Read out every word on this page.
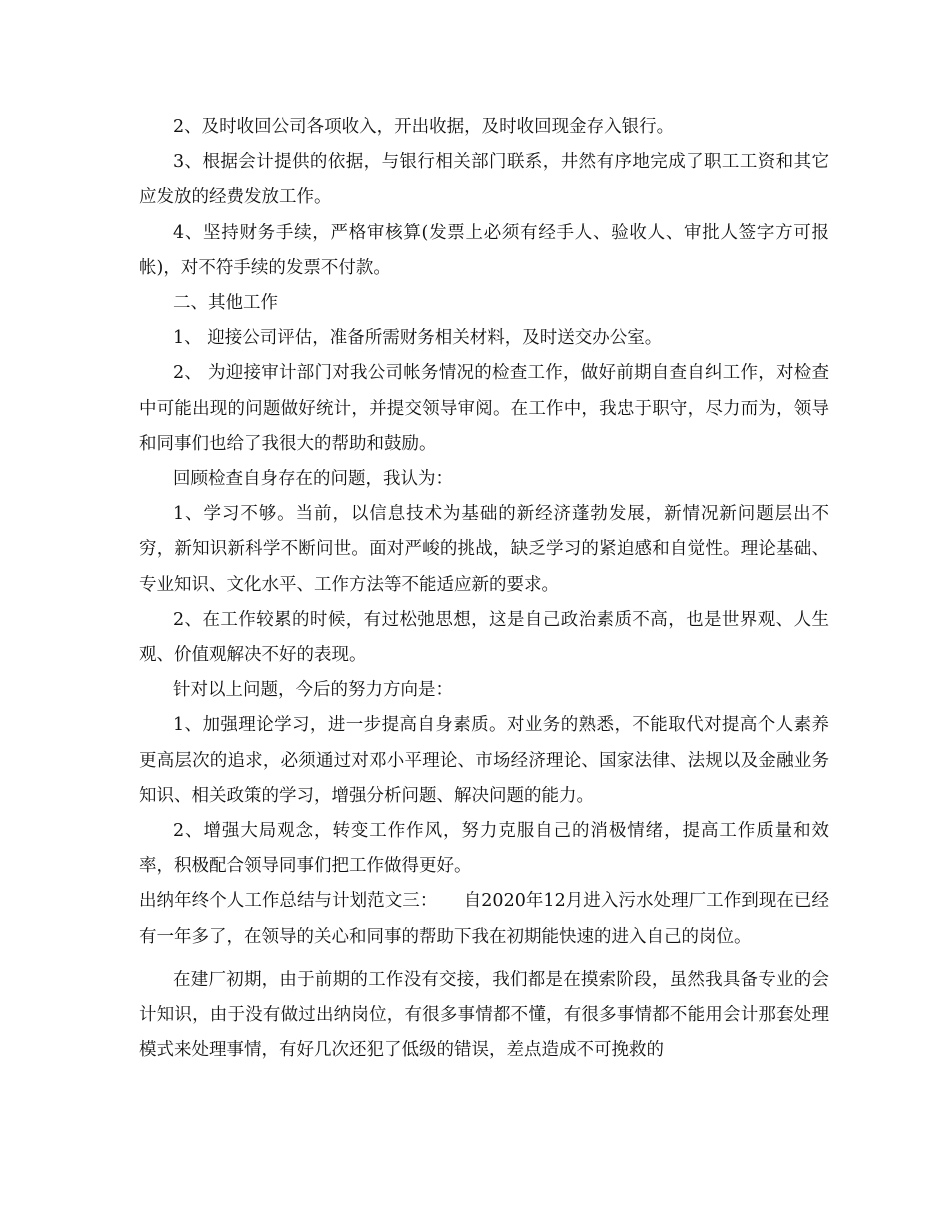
2、及时收回公司各项收入，开出收据，及时收回现金存入银行。

3、根据会计提供的依据，与银行相关部门联系，井然有序地完成了职工工资和其它应发放的经费发放工作。

4、坚持财务手续，严格审核算(发票上必须有经手人、验收人、审批人签字方可报帐)，对不符手续的发票不付款。

二、其他工作

1、 迎接公司评估，准备所需财务相关材料，及时送交办公室。

2、 为迎接审计部门对我公司帐务情况的检查工作，做好前期自查自纠工作，对检查中可能出现的问题做好统计，并提交领导审阅。在工作中，我忠于职守，尽力而为，领导和同事们也给了我很大的帮助和鼓励。

回顾检查自身存在的问题，我认为：

1、学习不够。当前，以信息技术为基础的新经济蓬勃发展，新情况新问题层出不穷，新知识新科学不断问世。面对严峻的挑战，缺乏学习的紧迫感和自觉性。理论基础、专业知识、文化水平、工作方法等不能适应新的要求。

2、在工作较累的时候，有过松弛思想，这是自己政治素质不高，也是世界观、人生观、价值观解决不好的表现。

针对以上问题，今后的努力方向是：

1、加强理论学习，进一步提高自身素质。对业务的熟悉，不能取代对提高个人素养更高层次的追求，必须通过对邓小平理论、市场经济理论、国家法律、法规以及金融业务知识、相关政策的学习，增强分析问题、解决问题的能力。

2、增强大局观念，转变工作作风，努力克服自己的消极情绪，提高工作质量和效率，积极配合领导同事们把工作做得更好。

出纳年终个人工作总结与计划范文三：　　自2020年12月进入污水处理厂工作到现在已经有一年多了，在领导的关心和同事的帮助下我在初期能快速的进入自己的岗位。

在建厂初期，由于前期的工作没有交接，我们都是在摸索阶段，虽然我具备专业的会计知识，由于没有做过出纳岗位，有很多事情都不懂，有很多事情都不能用会计那套处理模式来处理事情，有好几次还犯了低级的错误，差点造成不可挽救的
